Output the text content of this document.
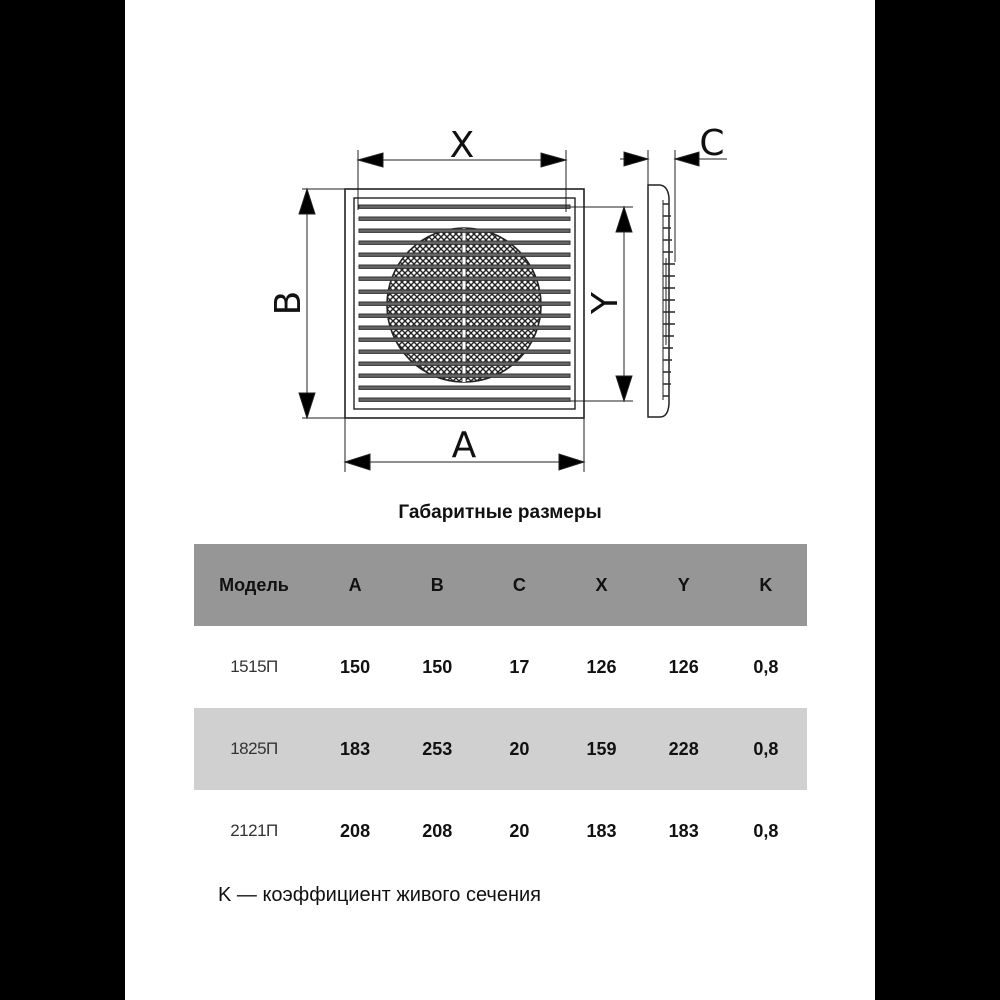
X
A
B	Y
C
Габаритные размеры
Модель	A	B	C	X	Y	K
1515П	150	150	17	126	126	0,8
1825П	183	253	20	159	228	0,8
2121П	208	208	20	183	183	0,8
K — коэффициент живого сечения
